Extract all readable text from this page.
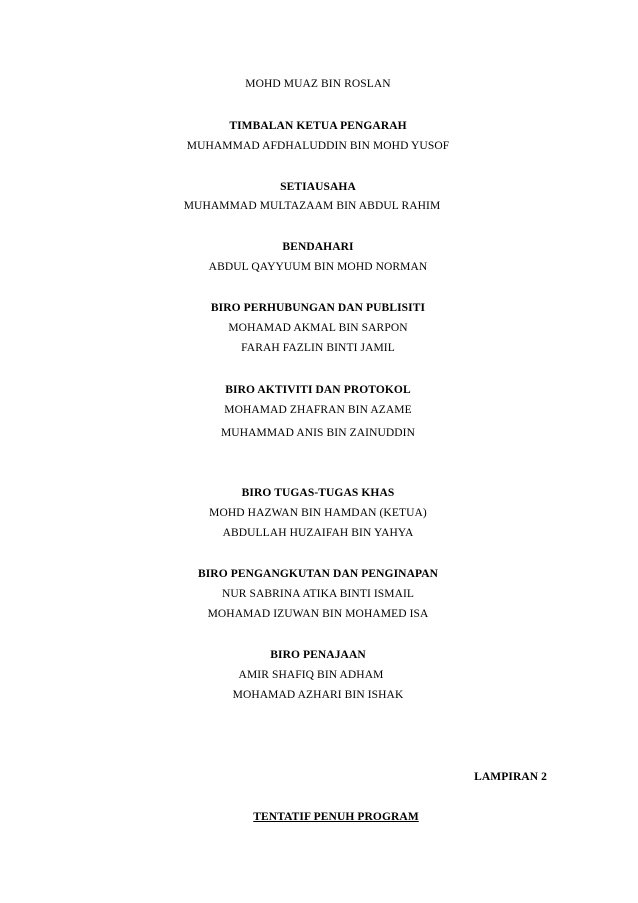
MOHD MUAZ BIN ROSLAN
TIMBALAN KETUA PENGARAH
MUHAMMAD AFDHALUDDIN BIN MOHD YUSOF
SETIAUSAHA
MUHAMMAD MULTAZAAM BIN ABDUL RAHIM
BENDAHARI
ABDUL QAYYUUM BIN MOHD NORMAN
BIRO PERHUBUNGAN DAN PUBLISITI
MOHAMAD AKMAL BIN SARPON
FARAH FAZLIN BINTI JAMIL
BIRO AKTIVITI DAN PROTOKOL
MOHAMAD ZHAFRAN BIN AZAME
MUHAMMAD ANIS BIN ZAINUDDIN
BIRO TUGAS-TUGAS KHAS
MOHD HAZWAN BIN HAMDAN (KETUA)
ABDULLAH HUZAIFAH BIN YAHYA
BIRO PENGANGKUTAN DAN PENGINAPAN
NUR SABRINA ATIKA BINTI ISMAIL
MOHAMAD IZUWAN BIN MOHAMED ISA
BIRO PENAJAAN
AMIR SHAFIQ BIN ADHAM
MOHAMAD AZHARI BIN ISHAK
LAMPIRAN 2
TENTATIF PENUH PROGRAM
